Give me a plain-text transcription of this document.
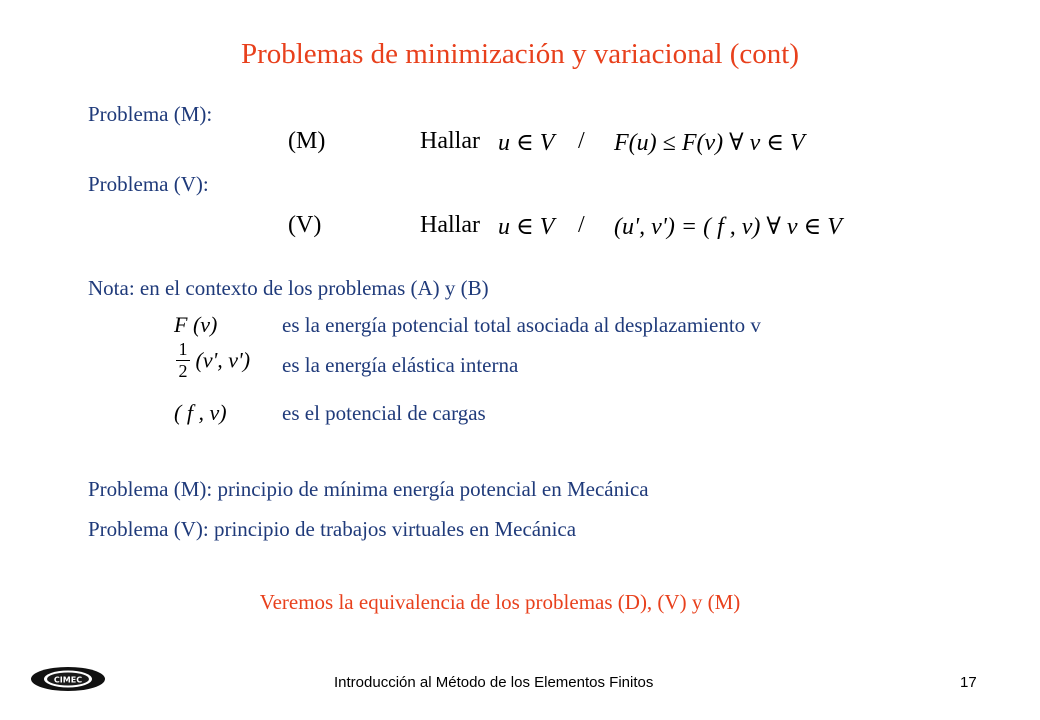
Problemas de minimización y variacional (cont)
Problema (M):
(M)	Hallar u ∈ V / F(u) ≤ F(v) ∀ v ∈ V
Problema (V):
(V)	Hallar u ∈ V / (u', v') = ( f , v) ∀ v ∈ V
Nota: en el contexto de los problemas (A) y (B)
F (v)	es la energía potencial total asociada al desplazamiento v
$\frac{1}{2} (v'$, v') es la energía elástica interna
( f , v)	es el potencial de cargas
Problema (M): principio de mínima energía potencial en Mecánica
Problema (V): principio de trabajos virtuales en Mecánica
Veremos la equivalencia de los problemas (D), (V) y (M)
CIMEC	Introducción al Método de los Elementos Finitos	17
